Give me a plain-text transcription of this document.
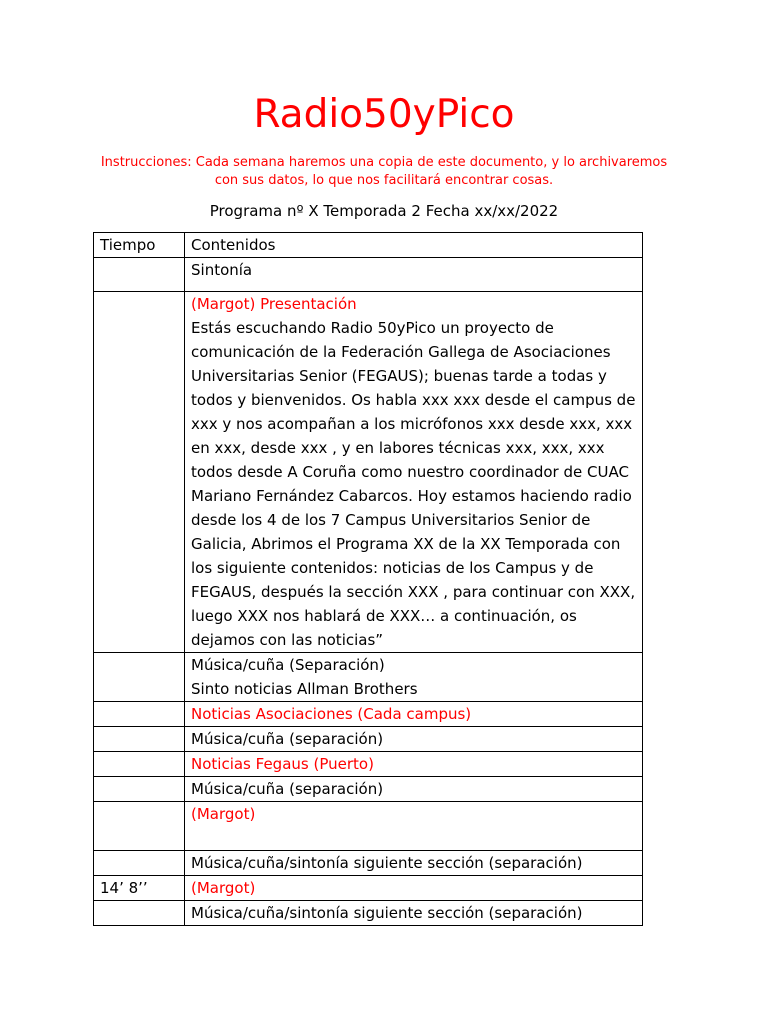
Radio50yPico
Instrucciones: Cada semana haremos una copia de este documento, y lo archivaremos con sus datos, lo que nos facilitará encontrar cosas.
Programa nº X Temporada 2 Fecha xx/xx/2022
Tiempo	Contenidos

	Sintonía

	(Margot) Presentación
Estás escuchando Radio 50yPico un proyecto de comunicación de la Federación Gallega de Asociaciones Universitarias Senior (FEGAUS); buenas tarde a todas y todos y bienvenidos. Os habla xxx xxx desde el campus de xxx y nos acompañan a los micrófonos xxx desde xxx, xxx en xxx, desde xxx , y en labores técnicas xxx, xxx, xxx todos desde A Coruña como nuestro coordinador de CUAC Mariano Fernández Cabarcos. Hoy estamos haciendo radio desde los 4 de los 7 Campus Universitarios Senior de Galicia, Abrimos el Programa XX de la XX Temporada con los siguiente contenidos: noticias de los Campus y de FEGAUS, después la sección XXX , para continuar con XXX, luego XXX nos hablará de XXX… a continuación, os dejamos con las noticias”

	Música/cuña (Separación)
Sinto noticias Allman Brothers

	Noticias Asociaciones (Cada campus)

	Música/cuña (separación)

	Noticias Fegaus (Puerto)

	Música/cuña (separación)

	(Margot)

	Música/cuña/sintonía siguiente sección (separación)

14’ 8’’	(Margot)

	Música/cuña/sintonía siguiente sección (separación)
